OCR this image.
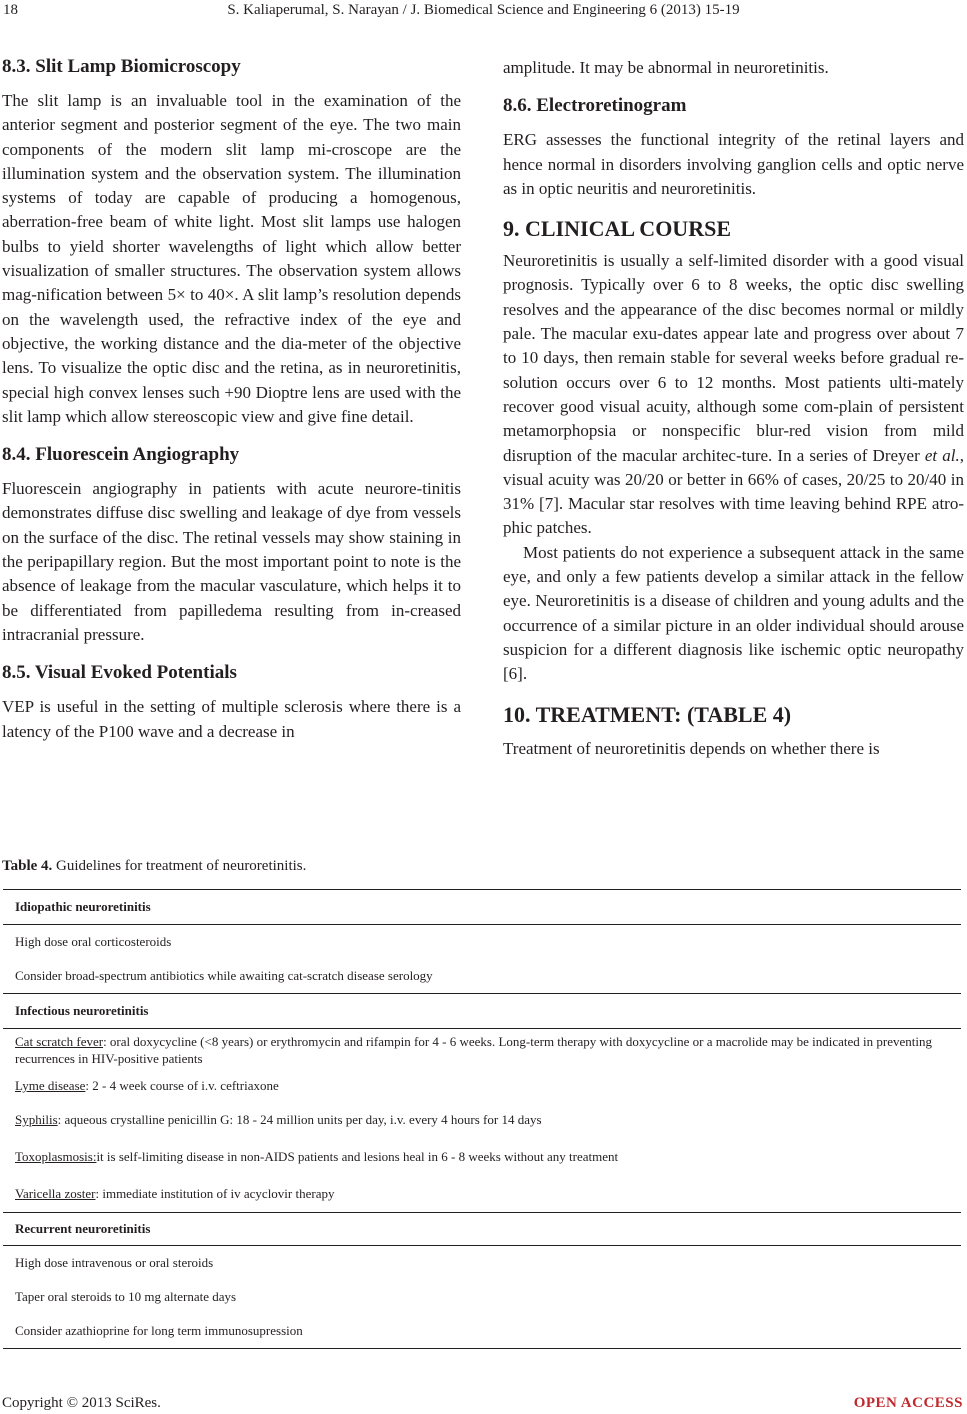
18	S. Kaliaperumal, S. Narayan / J. Biomedical Science and Engineering 6 (2013) 15-19
8.3. Slit Lamp Biomicroscopy

The slit lamp is an invaluable tool in the examination of the anterior segment and posterior segment of the eye. The two main components of the modern slit lamp mi-croscope are the illumination system and the observation system. The illumination systems of today are capable of producing a homogenous, aberration-free beam of white light. Most slit lamps use halogen bulbs to yield shorter wavelengths of light which allow better visualization of smaller structures. The observation system allows mag-nification between 5× to 40×. A slit lamp’s resolution depends on the wavelength used, the refractive index of the eye and objective, the working distance and the dia-meter of the objective lens. To visualize the optic disc and the retina, as in neuroretinitis, special high convex lenses such +90 Dioptre lens are used with the slit lamp which allow stereoscopic view and give fine detail.

8.4. Fluorescein Angiography

Fluorescein angiography in patients with acute neurore-tinitis demonstrates diffuse disc swelling and leakage of dye from vessels on the surface of the disc. The retinal vessels may show staining in the peripapillary region. But the most important point to note is the absence of leakage from the macular vasculature, which helps it to be differentiated from papilledema resulting from in-creased intracranial pressure.

8.5. Visual Evoked Potentials

VEP is useful in the setting of multiple sclerosis where there is a latency of the P100 wave and a decrease in

amplitude. It may be abnormal in neuroretinitis.

8.6. Electroretinogram

ERG assesses the functional integrity of the retinal layers and hence normal in disorders involving ganglion cells and optic nerve as in optic neuritis and neuroretinitis.

9. CLINICAL COURSE

Neuroretinitis is usually a self-limited disorder with a good visual prognosis. Typically over 6 to 8 weeks, the optic disc swelling resolves and the appearance of the disc becomes normal or mildly pale. The macular exu-dates appear late and progress over about 7 to 10 days, then remain stable for several weeks before gradual re-solution occurs over 6 to 12 months. Most patients ulti-mately recover good visual acuity, although some com-plain of persistent metamorphopsia or nonspecific blur-red vision from mild disruption of the macular architec-ture. In a series of Dreyer et al., visual acuity was 20/20 or better in 66% of cases, 20/25 to 20/40 in 31% [7]. Macular star resolves with time leaving behind RPE atro-phic patches.

Most patients do not experience a subsequent attack in the same eye, and only a few patients develop a similar attack in the fellow eye. Neuroretinitis is a disease of children and young adults and the occurrence of a similar picture in an older individual should arouse suspicion for a different diagnosis like ischemic optic neuropathy [6].

10. TREATMENT: (TABLE 4)

Treatment of neuroretinitis depends on whether there is

Table 4. Guidelines for treatment of neuroretinitis.
Idiopathic neuroretinitis
High dose oral corticosteroids
Consider broad-spectrum antibiotics while awaiting cat-scratch disease serology
Infectious neuroretinitis
Cat scratch fever: oral doxycycline (<8 years) or erythromycin and rifampin for 4 - 6 weeks. Long-term therapy with doxycycline or a macrolide may be indicated in preventing recurrences in HIV-positive patients
Lyme disease : 2 - 4 week course of i.v. ceftriaxone
Syphilis : aqueous crystalline penicillin G: 18 - 24 million units per day, i.v. every 4 hours for 14 days
Toxoplasmosis: it is self-limiting disease in non-AIDS patients and lesions heal in 6 - 8 weeks without any treatment
Varicella zoster : immediate institution of iv acyclovir therapy
Recurrent neuroretinitis
High dose intravenous or oral steroids
Taper oral steroids to 10 mg alternate days
Consider azathioprine for long term immunosupression
Copyright © 2013 SciRes.	OPEN ACCESS
